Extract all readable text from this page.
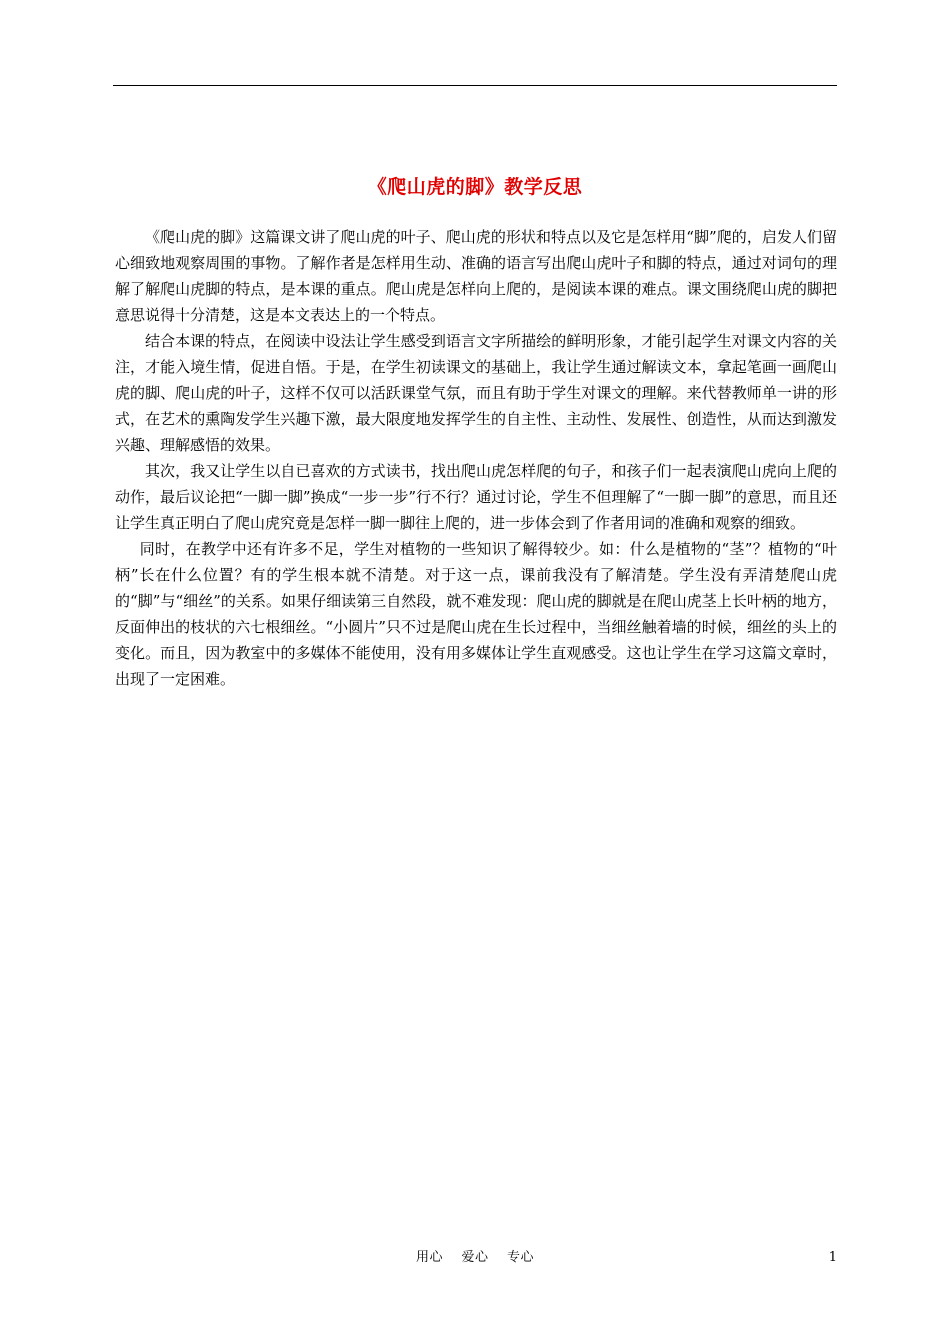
《爬山虎的脚》教学反思

《爬山虎的脚》这篇课文讲了爬山虎的叶子、爬山虎的形状和特点以及它是怎样用“脚”爬的，启发人们留心细致地观察周围的事物。了解作者是怎样用生动、准确的语言写出爬山虎叶子和脚的特点，通过对词句的理解了解爬山虎脚的特点，是本课的重点。爬山虎是怎样向上爬的，是阅读本课的难点。课文围绕爬山虎的脚把意思说得十分清楚，这是本文表达上的一个特点。

结合本课的特点，在阅读中设法让学生感受到语言文字所描绘的鲜明形象，才能引起学生对课文内容的关注，才能入境生情，促进自悟。于是，在学生初读课文的基础上，我让学生通过解读文本，拿起笔画一画爬山虎的脚、爬山虎的叶子，这样不仅可以活跃课堂气氛，而且有助于学生对课文的理解。来代替教师单一讲的形式，在艺术的熏陶发学生兴趣下激，最大限度地发挥学生的自主性、主动性、发展性、创造性，从而达到激发兴趣、理解感悟的效果。

其次，我又让学生以自已喜欢的方式读书，找出爬山虎怎样爬的句子，和孩子们一起表演爬山虎向上爬的动作，最后议论把“一脚一脚”换成“一步一步”行不行？通过讨论，学生不但理解了“一脚一脚”的意思，而且还让学生真正明白了爬山虎究竟是怎样一脚一脚往上爬的，进一步体会到了作者用词的准确和观察的细致。

同时，在教学中还有许多不足，学生对植物的一些知识了解得较少。如：什么是植物的“茎”？植物的“叶柄”长在什么位置？有的学生根本就不清楚。对于这一点，课前我没有了解清楚。学生没有弄清楚爬山虎的“脚”与“细丝”的关系。如果仔细读第三自然段，就不难发现：爬山虎的脚就是在爬山虎茎上长叶柄的地方，反面伸出的枝状的六七根细丝。“小圆片”只不过是爬山虎在生长过程中，当细丝触着墙的时候，细丝的头上的变化。而且，因为教室中的多媒体不能使用，没有用多媒体让学生直观感受。这也让学生在学习这篇文章时，出现了一定困难。

用心    爱心    专心	1
